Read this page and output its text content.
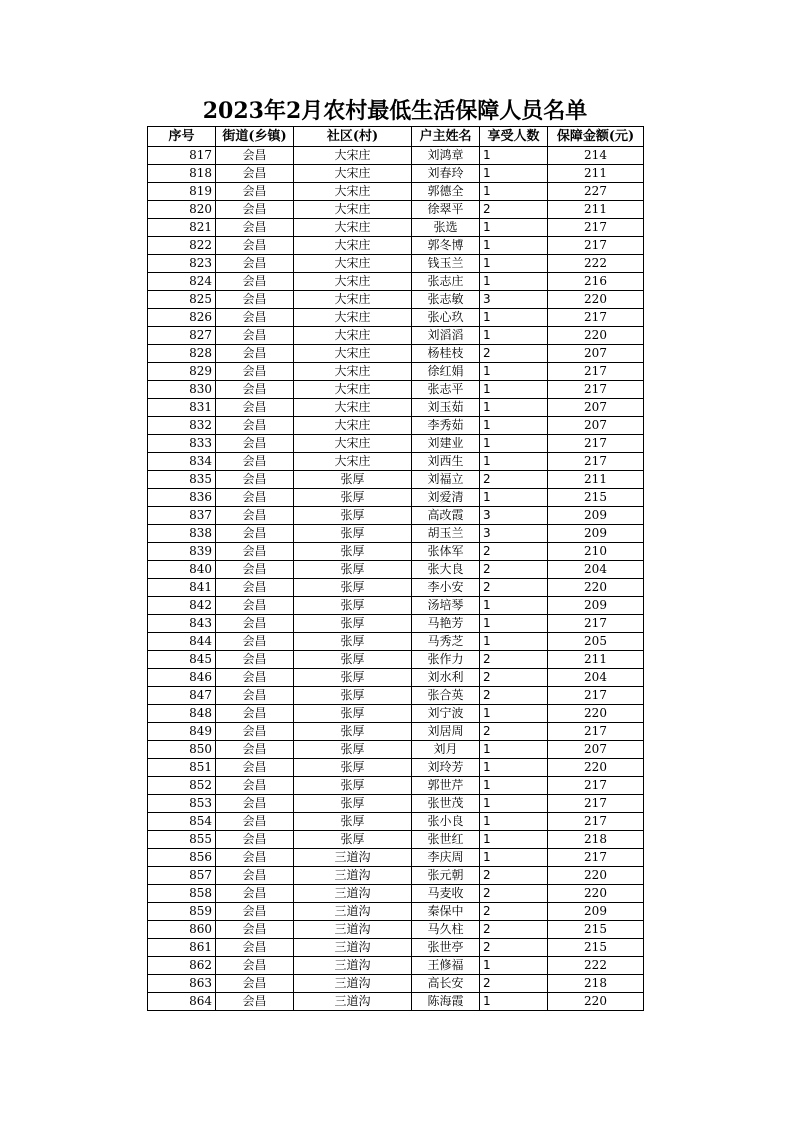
2023年2月农村最低生活保障人员名单
序号	街道(乡镇)	社区(村)	户主姓名	享受人数	保障金额(元)
817	会昌	大宋庄	刘鸿章	1	214
818	会昌	大宋庄	刘春玲	1	211
819	会昌	大宋庄	郭德全	1	227
820	会昌	大宋庄	徐翠平	2	211
821	会昌	大宋庄	张选	1	217
822	会昌	大宋庄	郭冬博	1	217
823	会昌	大宋庄	钱玉兰	1	222
824	会昌	大宋庄	张志庄	1	216
825	会昌	大宋庄	张志敏	3	220
826	会昌	大宋庄	张心玖	1	217
827	会昌	大宋庄	刘滔滔	1	220
828	会昌	大宋庄	杨桂枝	2	207
829	会昌	大宋庄	徐红娟	1	217
830	会昌	大宋庄	张志平	1	217
831	会昌	大宋庄	刘玉茹	1	207
832	会昌	大宋庄	李秀茹	1	207
833	会昌	大宋庄	刘建业	1	217
834	会昌	大宋庄	刘西生	1	217
835	会昌	张厚	刘福立	2	211
836	会昌	张厚	刘爱清	1	215
837	会昌	张厚	高改霞	3	209
838	会昌	张厚	胡玉兰	3	209
839	会昌	张厚	张体军	2	210
840	会昌	张厚	张大良	2	204
841	会昌	张厚	李小安	2	220
842	会昌	张厚	汤培琴	1	209
843	会昌	张厚	马艳芳	1	217
844	会昌	张厚	马秀芝	1	205
845	会昌	张厚	张作力	2	211
846	会昌	张厚	刘水利	2	204
847	会昌	张厚	张合英	2	217
848	会昌	张厚	刘宁波	1	220
849	会昌	张厚	刘居周	2	217
850	会昌	张厚	刘月	1	207
851	会昌	张厚	刘玲芳	1	220
852	会昌	张厚	郭世芹	1	217
853	会昌	张厚	张世茂	1	217
854	会昌	张厚	张小良	1	217
855	会昌	张厚	张世红	1	218
856	会昌	三道沟	李庆周	1	217
857	会昌	三道沟	张元朝	2	220
858	会昌	三道沟	马麦收	2	220
859	会昌	三道沟	秦保中	2	209
860	会昌	三道沟	马久柱	2	215
861	会昌	三道沟	张世亭	2	215
862	会昌	三道沟	王修福	1	222
863	会昌	三道沟	高长安	2	218
864	会昌	三道沟	陈海霞	1	220
